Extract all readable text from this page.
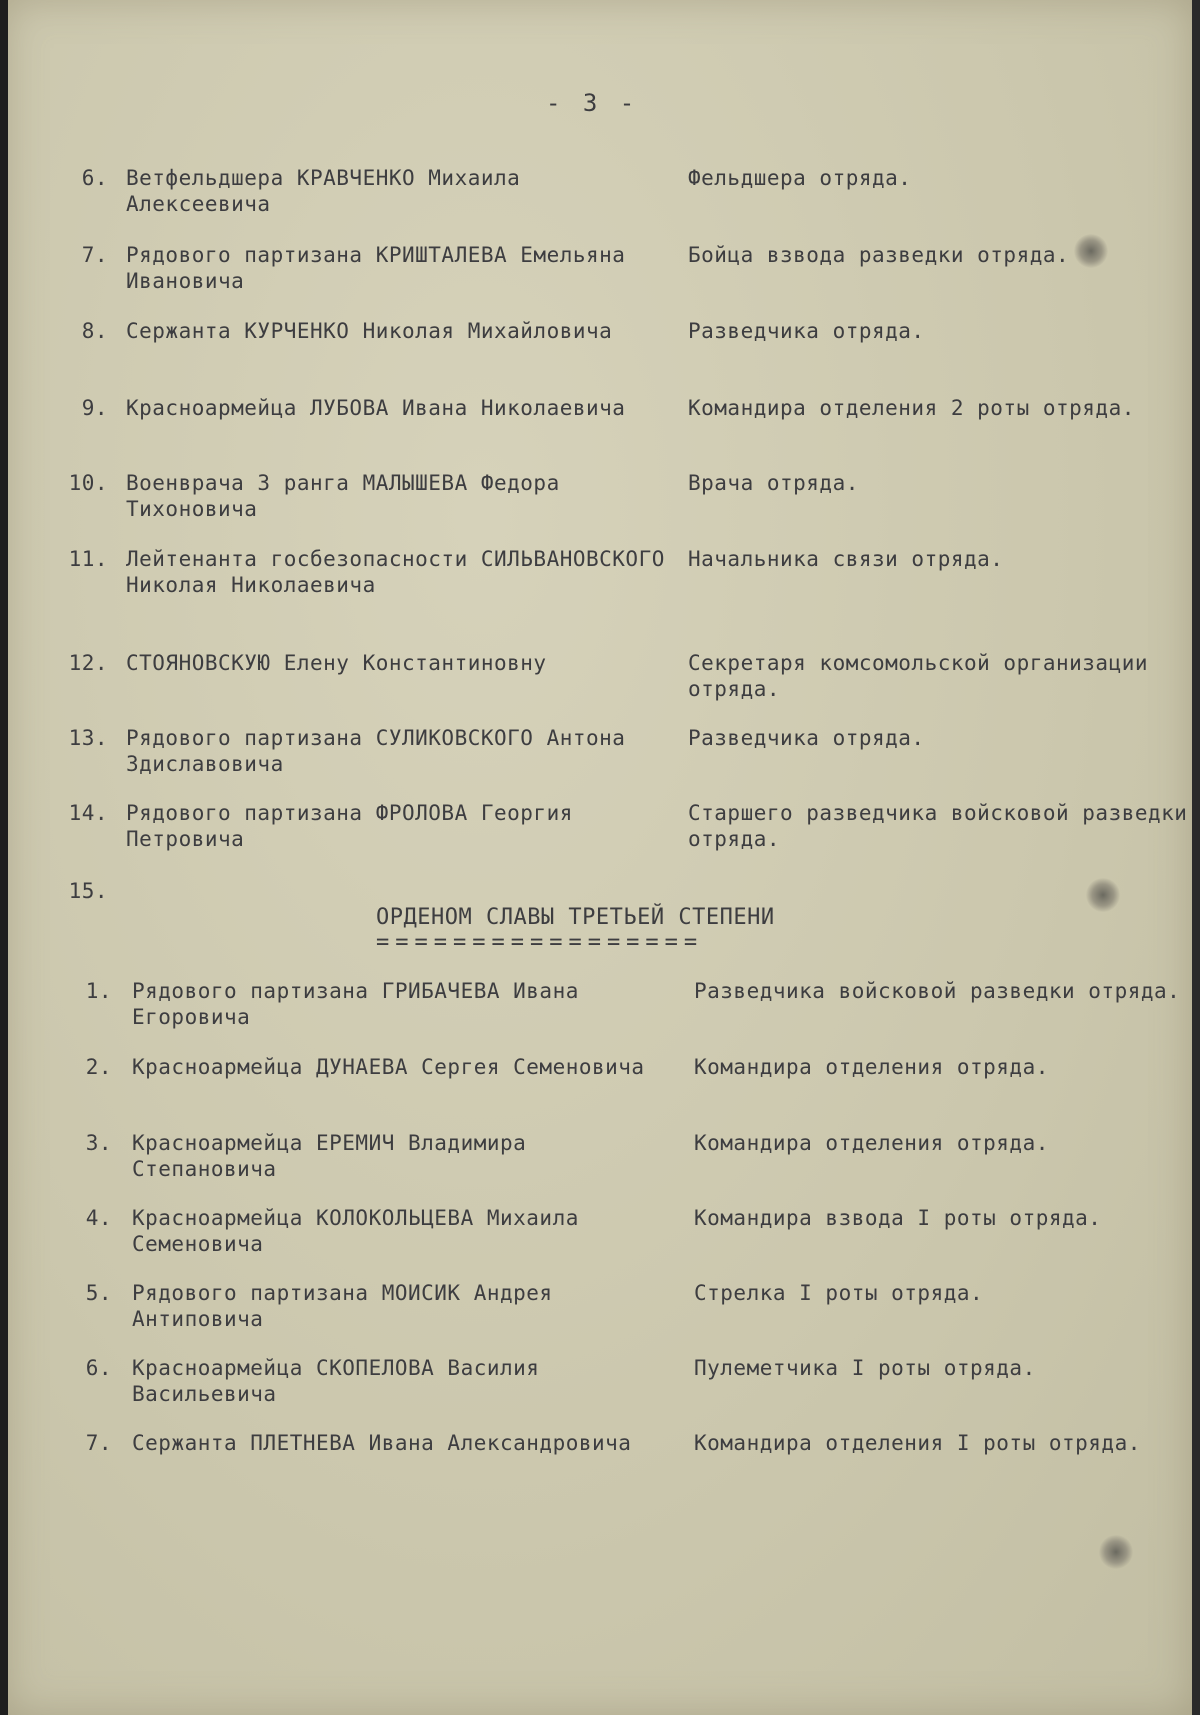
- 3 -
6. Ветфельдшера КРАВЧЕНКО Михаила Алексеевича
Фельдшера отряда.
7. Рядового партизана КРИШТАЛЕВА Емельяна Ивановича
Бойца взвода разведки отряда.
8. Сержанта КУРЧЕНКО Николая Михайловича	Разведчика отряда.
9. Красноармейца ЛУБОВА Ивана Николаевича	Командира отделения 2 роты отряда.
10. Военврача 3 ранга МАЛЫШЕВА Федора Тихоновича
Врача отряда.
11. Лейтенанта госбезопасности СИЛЬВАНОВСКОГО Николая Николаевича
Начальника связи отряда.
12. СТОЯНОВСКУЮ Елену Константиновну	Секретаря комсомольской организации отряда.
13. Рядового партизана СУЛИКОВСКОГО Антона Здиславовича
Разведчика отряда.
14. Рядового партизана ФРОЛОВА Георгия Петровича
Старшего разведчика войсковой разведки отряда.
15.
ОРДЕНОМ СЛАВЫ ТРЕТЬЕЙ СТЕПЕНИ
=================
1. Рядового партизана ГРИБАЧЕВА Ивана Егоровича
Разведчика войсковой разведки отряда.
2. Красноармейца ДУНАЕВА Сергея Семеновича	Командира отделения отряда.
3. Красноармейца ЕРЕМИЧ Владимира Степановича
Командира отделения отряда.
4. Красноармейца КОЛОКОЛЬЦЕВА Михаила Семеновича
Командира взвода I роты отряда.
5. Рядового партизана МОИСИК Андрея Антиповича
Стрелка I роты отряда.
6. Красноармейца СКОПЕЛОВА Василия Васильевича
Пулеметчика I роты отряда.
7. Сержанта ПЛЕТНЕВА Ивана Александровича	Командира отделения I роты отряда.
